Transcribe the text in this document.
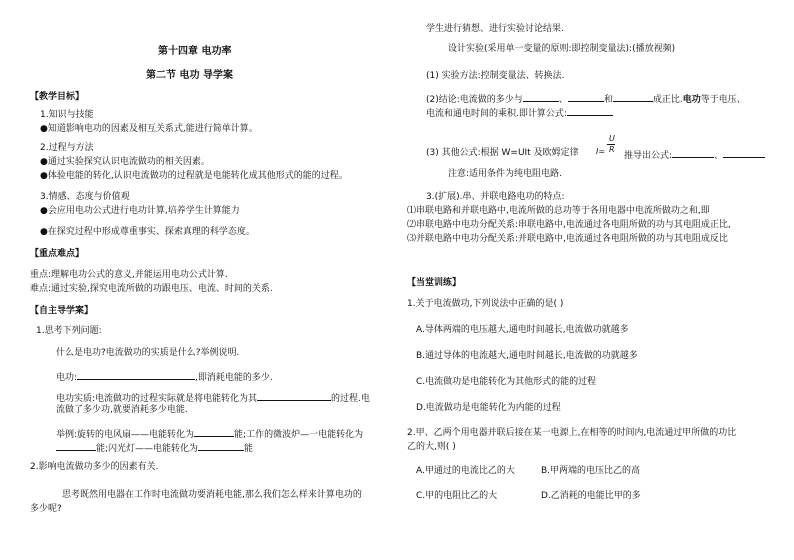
第十四章 电功率
第二节 电功 导学案
【教学目标】
1.知识与技能
●知道影响电功的因素及相互关系式,能进行简单计算。
2.过程与方法
●通过实验探究认识电流做功的相关因素。
●体验电能的转化,认识电流做功的过程就是电能转化成其他形式的能的过程。
3.情感、态度与价值观
●会应用电功公式进行电功计算,培养学生计算能力
●在探究过程中形成尊重事实、探索真理的科学态度。
【重点难点】
重点:理解电功公式的意义,并能运用电功公式计算.
难点:通过实验,探究电流所做的功跟电压、电流、时间的关系.
【自主导学案】
1.思考下列问题:
什么是电功?电流做功的实质是什么?举例说明.
电功:	,即消耗电能的多少.
电功实质:电流做功的过程实际就是将电能转化为其	的过程.电
流做了多少功,就要消耗多少电能.
举例:旋转的电风扇——电能转化为	能;工作的微波炉—一电能转化为
能;闪光灯——电能转化为	能
2.影响电流做功多少的因素有关.
思考既然用电器在工作时电流做功要消耗电能,那么我们怎么样来计算电功的
多少呢?
学生进行猜想、进行实验讨论结果.
设计实验(采用单一变量的原则:即控制变量法):(播放视频)
(1) 实验方法:控制变量法、转换法.
(2)结论:电流做的多少与	、	和	成正比.电功等于电压、
电流和通电时间的乘积.即计算公式:
(3) 其他公式:根据 W=UIt 及欧姆定律 I=
U
R
推导出公式:	、
注意:适用条件为纯电阻电路.
3.(扩展).串、并联电路电功的特点:
⑴串联电路和并联电路中,电流所做的总功等于各用电器中电流所做功之和,即
⑵串联电路中电功分配关系:串联电路中,电流通过各电阻所做的功与其电阻成正比,
⑶并联电路中电功分配关系:并联电路中,电流通过各电阻所做的功与其电阻成反比
【当堂训练】
1.关于电流做功,下列说法中正确的是( )
A.导体两端的电压越大,通电时间越长,电流做功就越多
B.通过导体的电流越大,通电时间越长,电流做的功就越多
C.电流做功是电能转化为其他形式的能的过程
D.电流做功是电能转化为内能的过程
2.甲、乙两个用电器并联后接在某一电源上,在相等的时间内,电流通过甲所做的功比
乙的大,则( )
A.甲通过的电流比乙的大	B.甲两端的电压比乙的高
C.甲的电阻比乙的大	D.乙消耗的电能比甲的多
